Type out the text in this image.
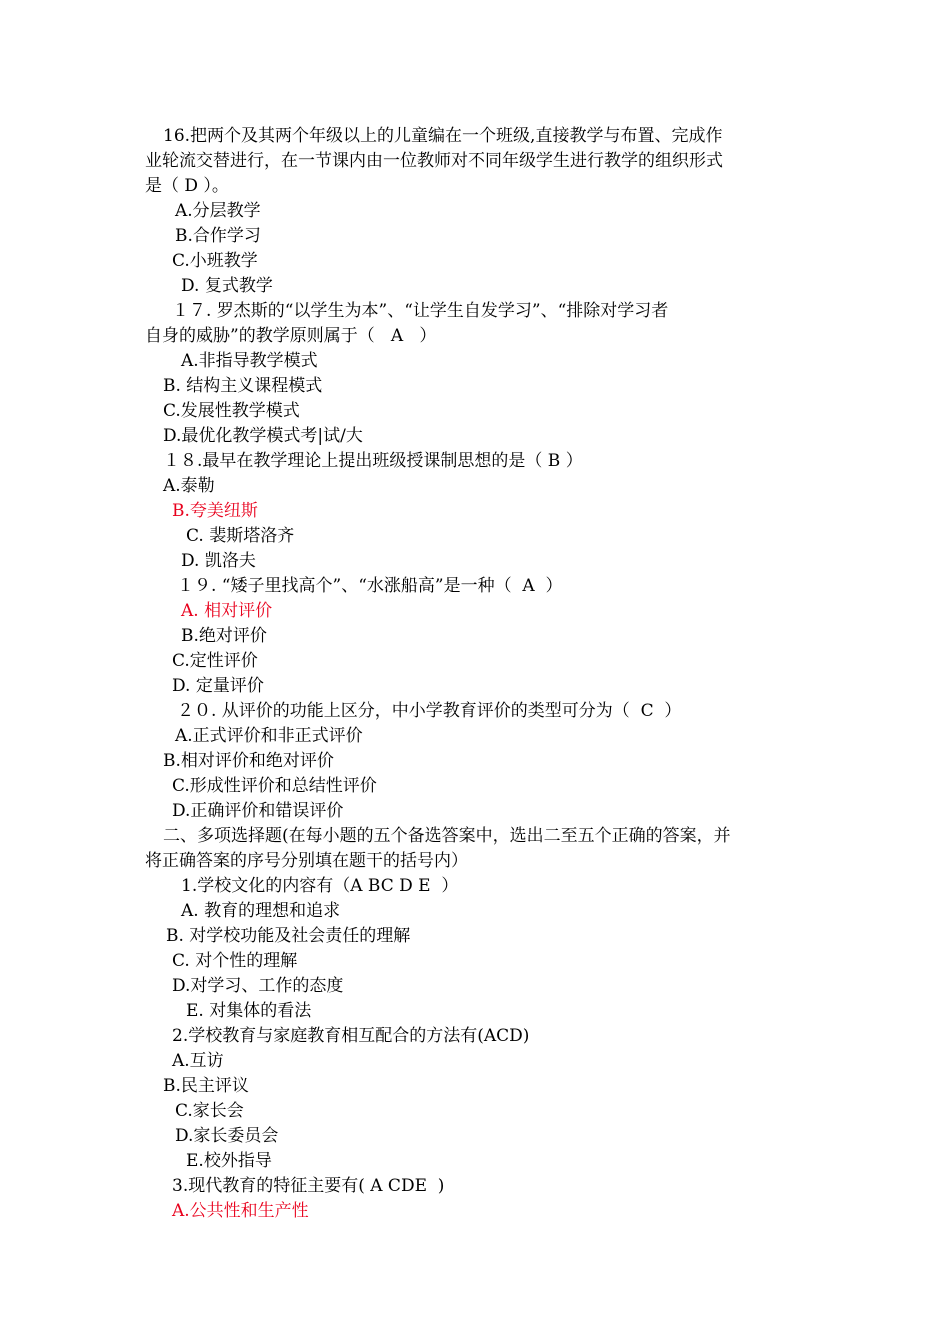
16.把两个及其两个年级以上的儿童编在一个班级,直接教学与布置、完成作
业轮流交替进行，在一节课内由一位教师对不同年级学生进行教学的组织形式
是（ D ）。
A.分层教学
B.合作学习
C.小班教学
D. 复式教学
１７. 罗杰斯的“以学生为本”、“让学生自发学习”、“排除对学习者
自身的威胁”的教学原则属于（   A   ）
A.非指导教学模式
B. 结构主义课程模式
C.发展性教学模式
D.最优化教学模式考|试/大
１８.最早在教学理论上提出班级授课制思想的是（ B ）
A.泰勒
B.夸美纽斯
C. 裴斯塔洛齐
D. 凯洛夫
１９. “矮子里找高个”、“水涨船高”是一种（  A  ）
A. 相对评价
B.绝对评价
C.定性评价
D. 定量评价
２０. 从评价的功能上区分，中小学教育评价的类型可分为（  C  ）
A.正式评价和非正式评价
B.相对评价和绝对评价
C.形成性评价和总结性评价
D.正确评价和错误评价
二、多项选择题(在每小题的五个备选答案中，选出二至五个正确的答案，并
将正确答案的序号分别填在题干的括号内）
1.学校文化的内容有（A BC D E  ）
A. 教育的理想和追求
B. 对学校功能及社会责任的理解
C. 对个性的理解
D.对学习、工作的态度
E. 对集体的看法
2.学校教育与家庭教育相互配合的方法有(ACD)
A.互访
B.民主评议
C.家长会
D.家长委员会
E.校外指导
3.现代教育的特征主要有( A CDE  )
A.公共性和生产性
